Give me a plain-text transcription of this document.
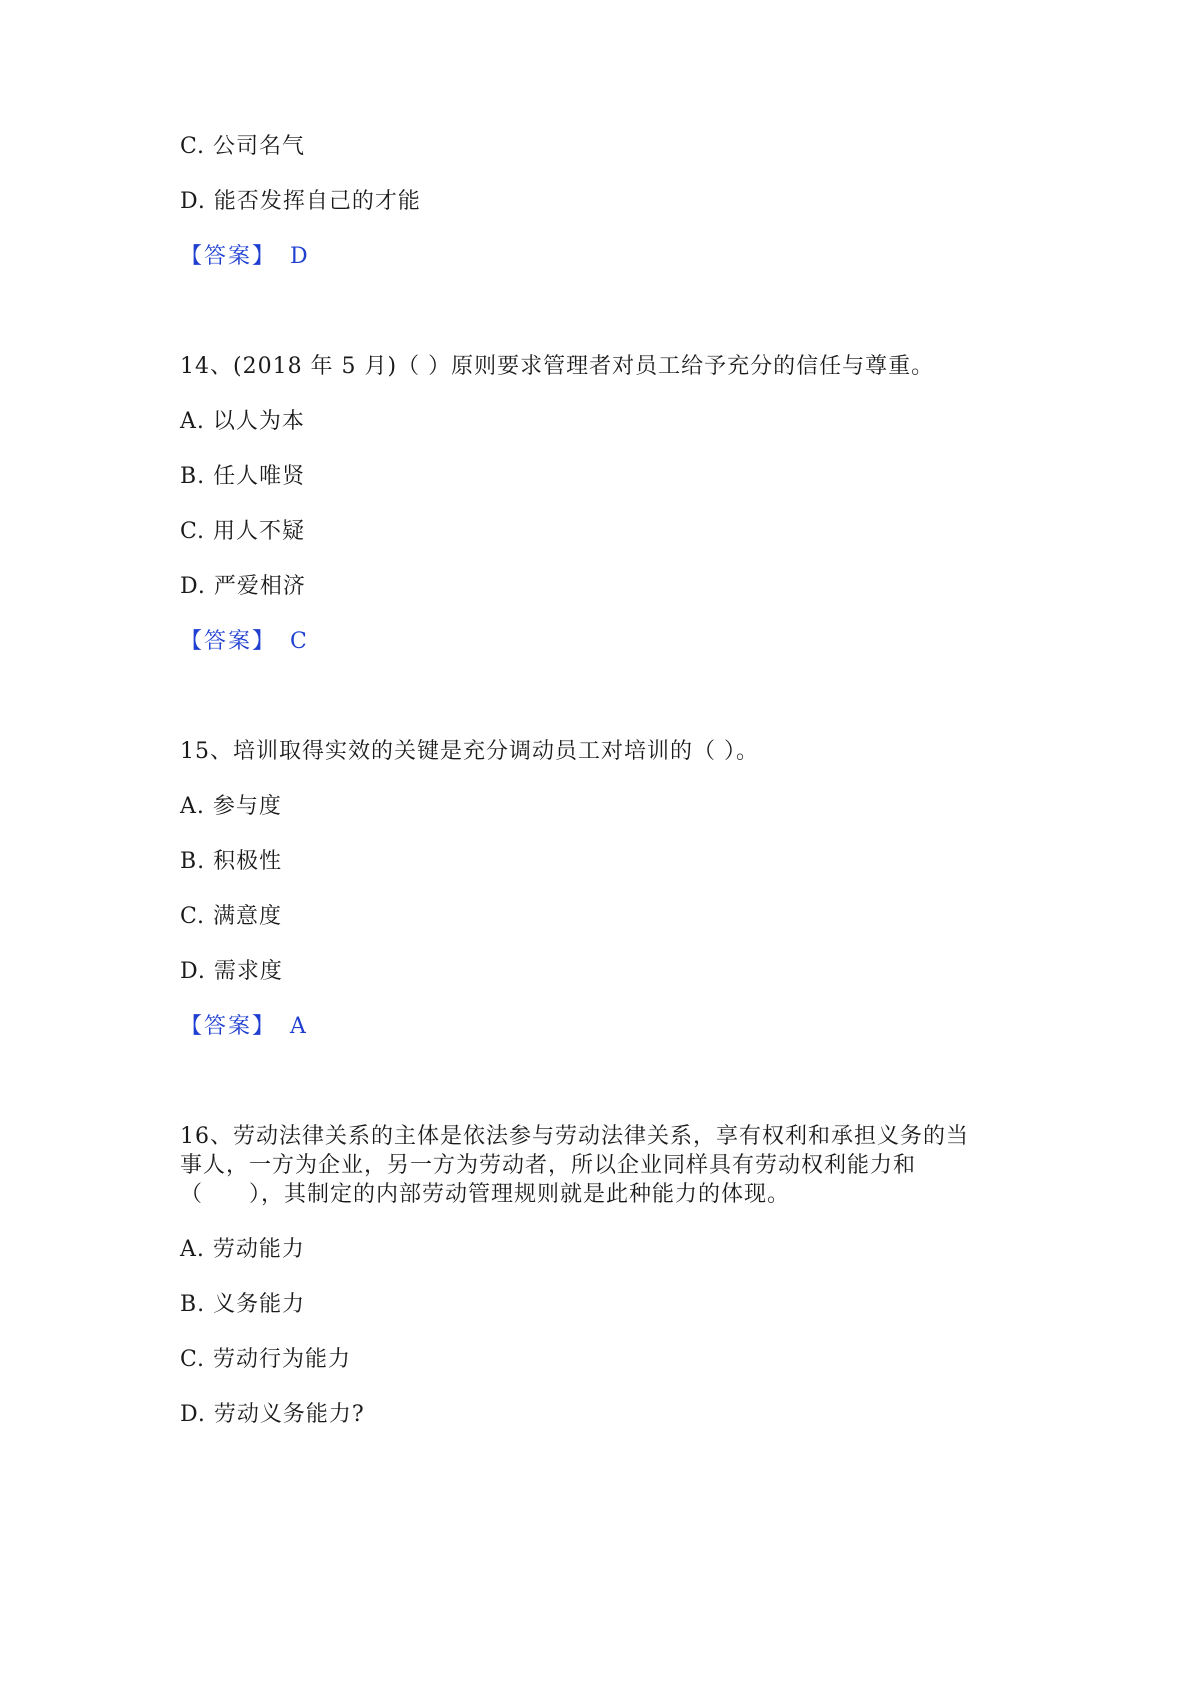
C. 公司名气
D. 能否发挥自己的才能
【答案】 D
14、(2018 年 5 月)（ ）原则要求管理者对员工给予充分的信任与尊重。
A. 以人为本
B. 任人唯贤
C. 用人不疑
D. 严爱相济
【答案】 C
15、培训取得实效的关键是充分调动员工对培训的（ ）。
A. 参与度
B. 积极性
C. 满意度
D. 需求度
【答案】 A
16、劳动法律关系的主体是依法参与劳动法律关系，享有权利和承担义务的当
事人，一方为企业，另一方为劳动者，所以企业同样具有劳动权利能力和
（　　），其制定的内部劳动管理规则就是此种能力的体现。
A. 劳动能力
B. 义务能力
C. 劳动行为能力
D. 劳动义务能力?
